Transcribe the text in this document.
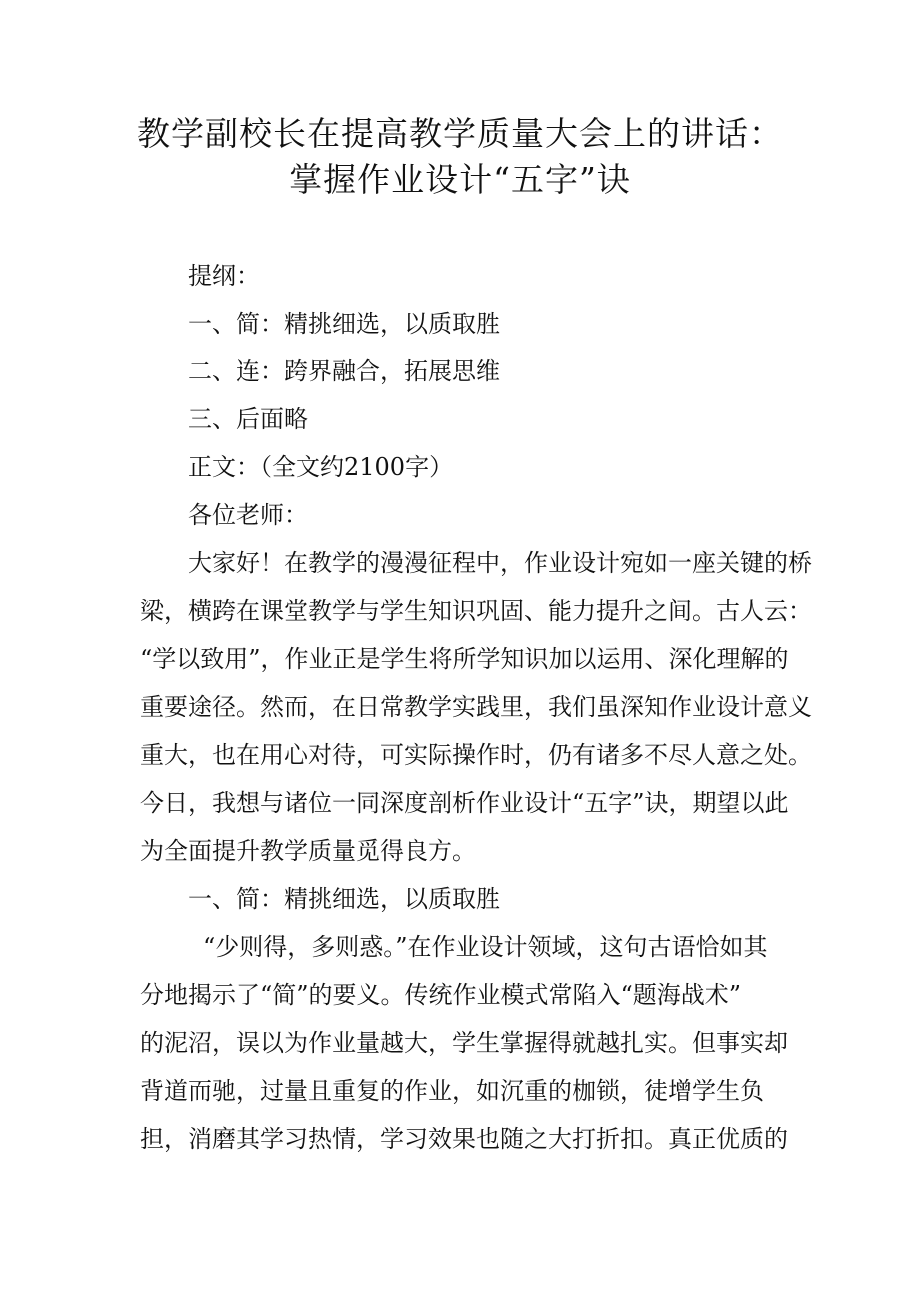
教学副校长在提高教学质量大会上的讲话：
掌握作业设计“五字”诀
提纲：
一、简：精挑细选，以质取胜
二、连：跨界融合，拓展思维
三、后面略
正文：（全文约2100字）
各位老师：
大家好！在教学的漫漫征程中，作业设计宛如一座关键的桥
梁，横跨在课堂教学与学生知识巩固、能力提升之间。古人云：
“学以致用”，作业正是学生将所学知识加以运用、深化理解的
重要途径。然而，在日常教学实践里，我们虽深知作业设计意义
重大，也在用心对待，可实际操作时，仍有诸多不尽人意之处。
今日，我想与诸位一同深度剖析作业设计“五字”诀，期望以此
为全面提升教学质量觅得良方。
一、简：精挑细选，以质取胜
“少则得，多则惑。”在作业设计领域，这句古语恰如其
分地揭示了“简”的要义。传统作业模式常陷入“题海战术”
的泥沼，误以为作业量越大，学生掌握得就越扎实。但事实却
背道而驰，过量且重复的作业，如沉重的枷锁，徒增学生负
担，消磨其学习热情，学习效果也随之大打折扣。真正优质的
